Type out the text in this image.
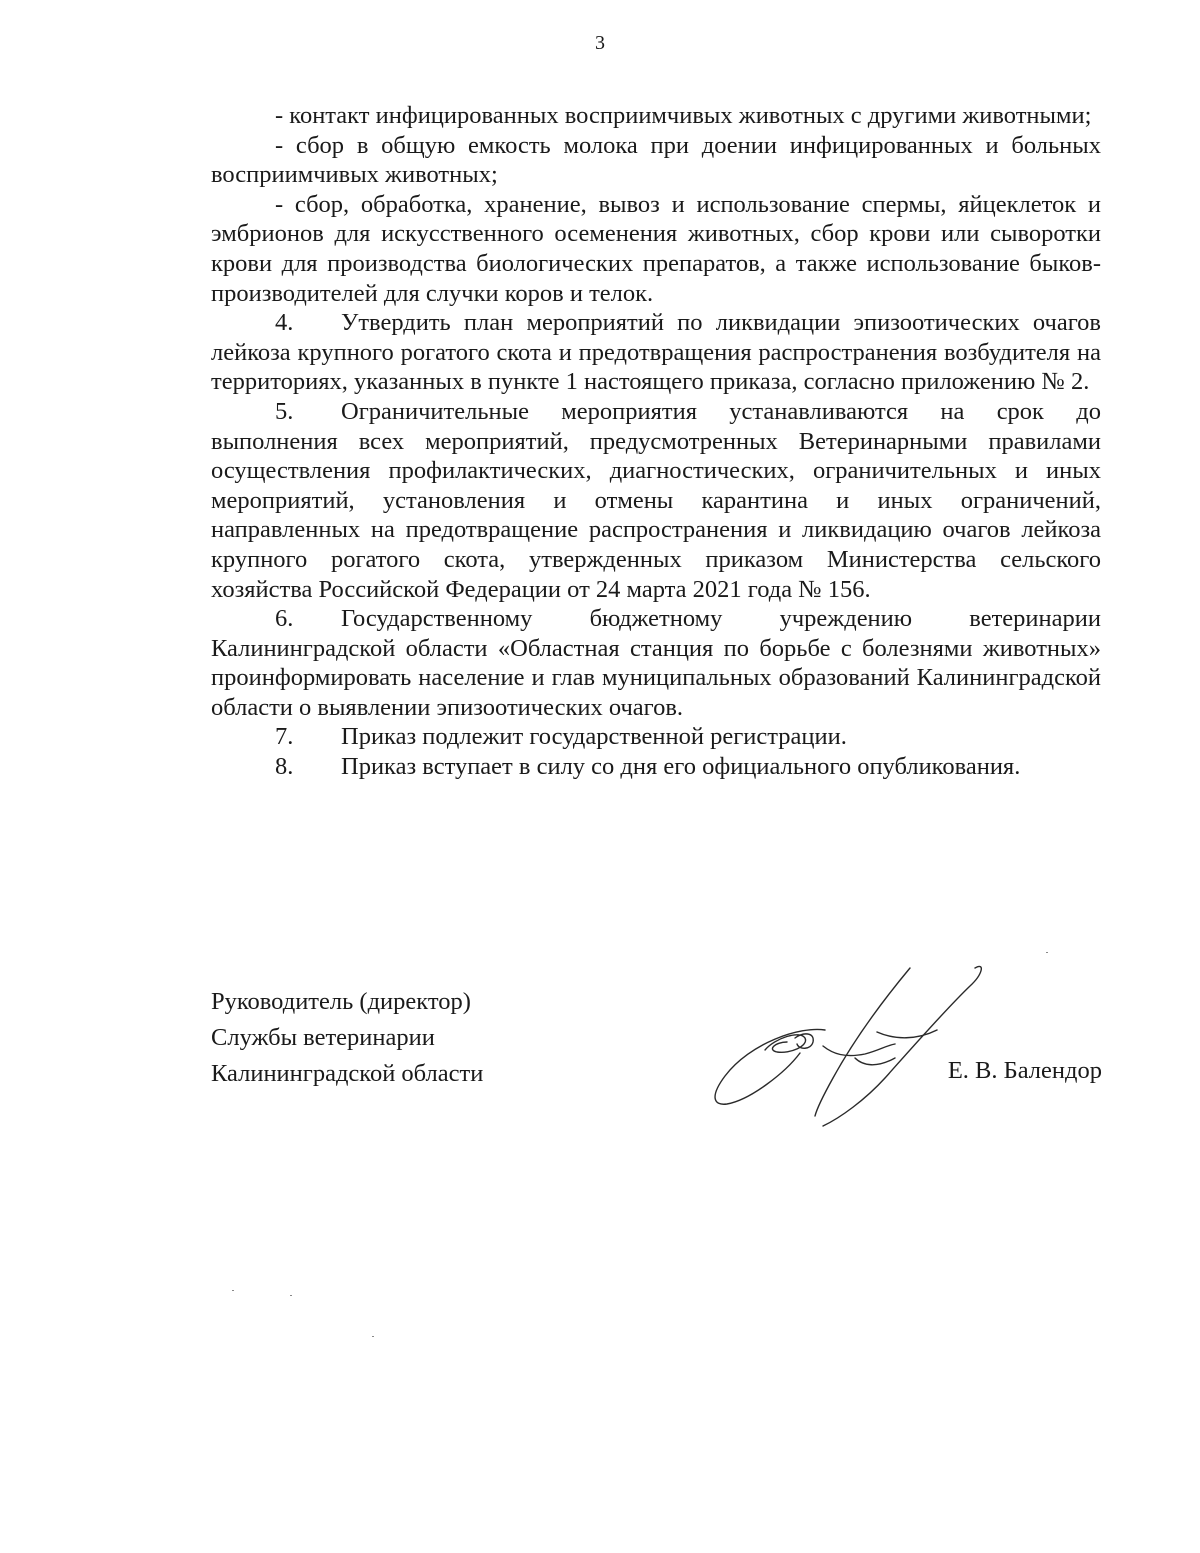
3

- контакт инфицированных восприимчивых животных с другими животными;

- сбор в общую емкость молока при доении инфицированных и больных восприимчивых животных;

- сбор, обработка, хранение, вывоз и использование спермы, яйцеклеток и эмбрионов для искусственного осеменения животных, сбор крови или сыворотки крови для производства биологических препаратов, а также использование быков-производителей для случки коров и телок.

4. Утвердить план мероприятий по ликвидации эпизоотических очагов лейкоза крупного рогатого скота и предотвращения распространения возбудителя на территориях, указанных в пункте 1 настоящего приказа, согласно приложению № 2.

5. Ограничительные мероприятия устанавливаются на срок до выполнения всех мероприятий, предусмотренных Ветеринарными правилами осуществления профилактических, диагностических, ограничительных и иных мероприятий, установления и отмены карантина и иных ограничений, направленных на предотвращение распространения и ликвидацию очагов лейкоза крупного рогатого скота, утвержденных приказом Министерства сельского хозяйства Российской Федерации от 24 марта 2021 года № 156.

6. Государственному бюджетному учреждению ветеринарии Калининградской области «Областная станция по борьбе с болезнями животных» проинформировать население и глав муниципальных образований Калининградской области о выявлении эпизоотических очагов.

7. Приказ подлежит государственной регистрации.

8. Приказ вступает в силу со дня его официального опубликования.

Руководитель (директор)
Службы ветеринарии
Калининградской области	Е. В. Балендор
